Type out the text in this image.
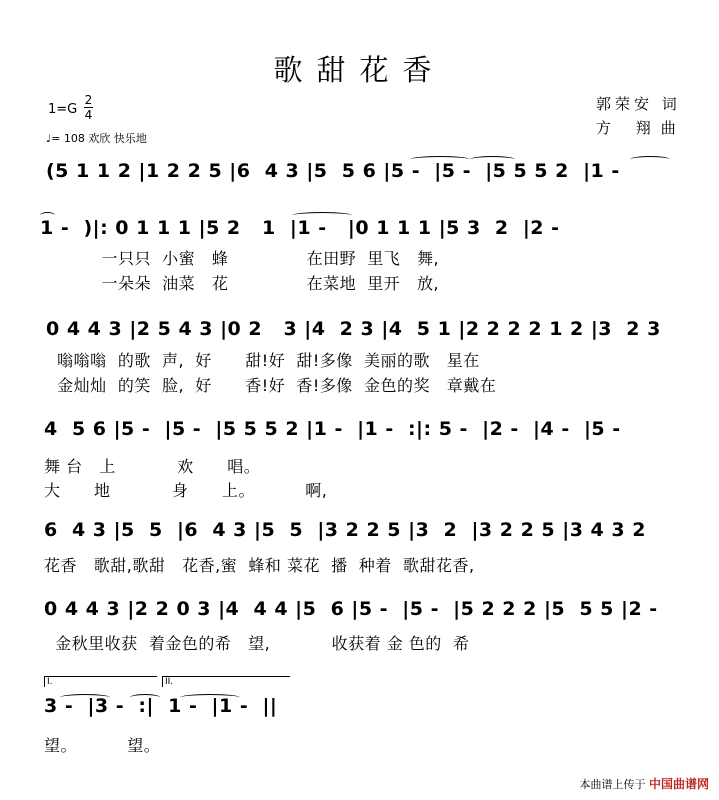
歌甜花香
1=G
2
4
♩= 108 欢欣 快乐地
郭荣安 词
方 翔曲
(5 1 1 2 |1 2 2 5 |6  4 3 |5  5 6 |5 -  |5 -  |5 5 5 2  |1 -
1 -  )|: 0 1 1 1 |5 2   1  |1 -   |0 1 1 1 |5 3  2  |2 -
一只只  小蜜   蜂              在田野  里飞   舞,
一朵朵  油菜   花              在菜地  里开   放,
0 4 4 3 |2 5 4 3 |0 2   3 |4  2 3 |4  5 1 |2 2 2 2 1 2 |3  2 3
嗡嗡嗡  的歌  声,  好      甜!好  甜!多像  美丽的歌   星在
金灿灿  的笑  脸,  好      香!好  香!多像  金色的奖   章戴在
4  5 6 |5 -  |5 -  |5 5 5 2 |1 -  |1 -  :|: 5 -  |2 -  |4 -  |5 -
舞 台   上           欢      唱。
大      地           身      上。         啊,
6  4 3 |5  5  |6  4 3 |5  5  |3 2 2 5 |3  2  |3 2 2 5 |3 4 3 2
花香   歌甜,歌甜   花香,蜜  蜂和 菜花  播  种着  歌甜花香,
0 4 4 3 |2 2 0 3 |4  4 4 |5  6 |5 -  |5 -  |5 2 2 2 |5  5 5 |2 -
金秋里收获  着金色的希   望,           收获着 金 色的  希
I.	II.
3 -  |3 -  :|  1 -  |1 -  ||
望。         望。
本曲谱上传于 中国曲谱网
